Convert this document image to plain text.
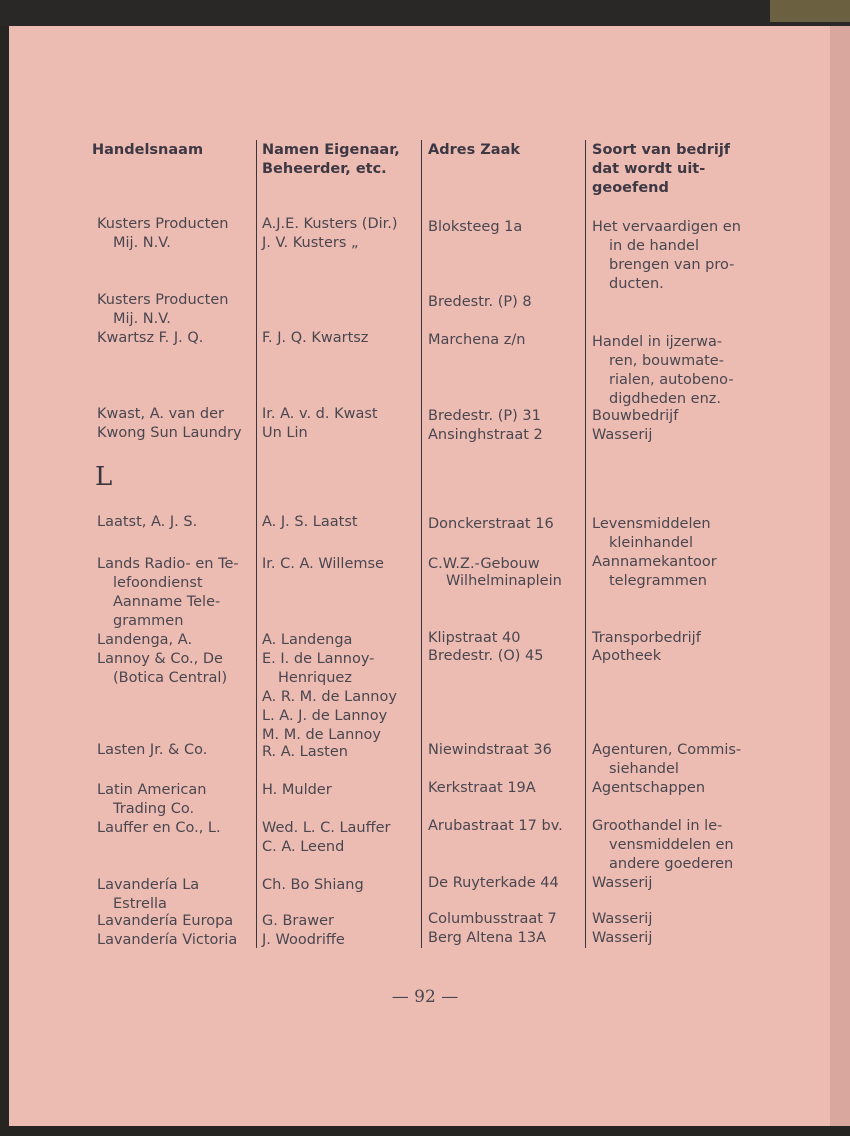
Handelsnaam	Namen Eigenaar,
Beheerder, etc.
Adres Zaak	Soort van bedrijf
dat wordt uit-
geoefend
Kusters Producten
Mij. N.V.
Kusters Producten
Mij. N.V.
Kwartsz F. J. Q.
Kwast, A. van der
Kwong Sun Laundry
L
Laatst, A. J. S.
Lands Radio- en Te-
lefoondienst
Aanname Tele-
grammen
Landenga, A.
Lannoy & Co., De
(Botica Central)
Lasten Jr. & Co.
Latin American
Trading Co.
Lauffer en Co., L.
Lavandería La
Estrella
Lavandería Europa
Lavandería Victoria
A.J.E. Kusters (Dir.)
J. V. Kusters „
F. J. Q. Kwartsz
Ir. A. v. d. Kwast
Un Lin
A. J. S. Laatst
Ir. C. A. Willemse
A. Landenga
E. I. de Lannoy-
Henriquez
A. R. M. de Lannoy
L. A. J. de Lannoy
M. M. de Lannoy
R. A. Lasten
H. Mulder
Wed. L. C. Lauffer
C. A. Leend
Ch. Bo Shiang
G. Brawer
J. Woodriffe
Bloksteeg 1a
Bredestr. (P) 8
Marchena z/n
Bredestr. (P) 31
Ansinghstraat 2
Donckerstraat 16
C.W.Z.-Gebouw
Wilhelminaplein
Klipstraat 40
Bredestr. (O) 45
Niewindstraat 36
Kerkstraat 19A
Arubastraat 17 bv.
De Ruyterkade 44
Columbusstraat 7
Berg Altena 13A
Het vervaardigen en
in de handel
brengen van pro-
ducten.
Handel in ijzerwa-
ren, bouwmate-
rialen, autobeno-
digdheden enz.
Bouwbedrijf
Wasserij
Levensmiddelen
kleinhandel
Aannamekantoor
telegrammen
Transporbedrijf
Apotheek
Agenturen, Commis-
siehandel
Agentschappen
Groothandel in le-
vensmiddelen en
andere goederen
Wasserij
Wasserij
Wasserij
— 92 —
